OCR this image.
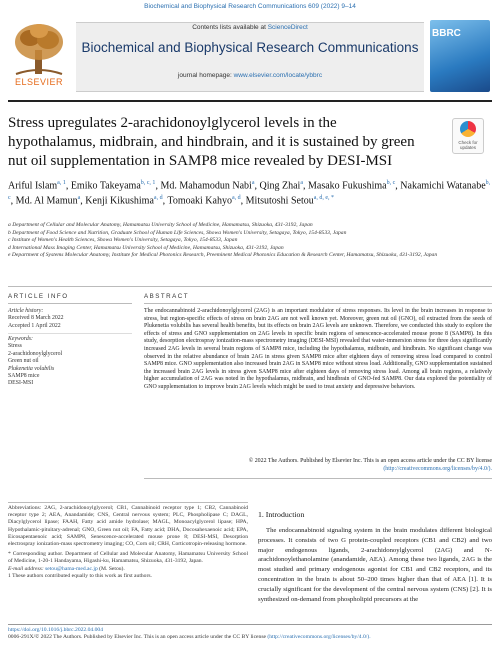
Biochemical and Biophysical Research Communications 609 (2022) 9–14
ELSEVIER
Contents lists available at ScienceDirect
Biochemical and Biophysical Research Communications
journal homepage: www.elsevier.com/locate/ybbrc
BBRC
Stress upregulates 2-arachidonoylglycerol levels in the hypothalamus, midbrain, and hindbrain, and it is sustained by green nut oil supplementation in SAMP8 mice revealed by DESI-MSI
Check for updates
Ariful Islam$^{a, 1}$, Emiko Takeyama$^{b, c, 1}$, Md. Mahamodun Nabi$^a$, Qing Zhai$^a$, Masako Fukushima$^{b, c}$, Nakamichi Watanabe$^{b, c}$, Md. Al Mamun$^a$, Kenji Kikushima$^{a, d}$, Tomoaki Kahyo$^{a, d}$, Mitsutoshi Setou$^{a, d, e, *}$
a Department of Cellular and Molecular Anatomy, Hamamatsu University School of Medicine, Hamamatsu, Shizuoka, 431-3192, Japan
b Department of Food Science and Nutrition, Graduate School of Human Life Sciences, Showa Women's University, Setagaya, Tokyo, 154-8533, Japan
c Institute of Women's Health Sciences, Showa Women's University, Setagaya, Tokyo, 154-8533, Japan
d International Mass Imaging Center, Hamamatsu University School of Medicine, Hamamatsu, Shizuoka, 431-3192, Japan
e Department of Systems Molecular Anatomy, Institute for Medical Photonics Research, Preeminent Medical Photonics Education & Research Center, Hamamatsu, Shizuoka, 431-3192, Japan
ARTICLE INFO	ABSTRACT
Article history:
Received 8 March 2022
Accepted 1 April 2022
Keywords:
Stress
2-arachidonoylglycerol
Green nut oil
Plukenetia volubilis
SAMP8 mice
DESI-MSI
The endocannabinoid 2-arachidonoylglycerol (2AG) is an important modulator of stress responses. Its level in the brain increases in response to stress, but region-specific effects of stress on brain 2AG are not well known yet. Moreover, green nut oil (GNO), oil extracted from the seeds of Plukenetia volubilis has several health benefits, but its effects on brain 2AG levels are unknown. Therefore, we conducted this study to explore the effects of stress and GNO supplementation on 2AG levels in specific brain regions of senescence-accelerated mouse prone 8 (SAMP8). In this study, desorption electrospray ionization-mass spectrometry imaging (DESI-MSI) revealed that water-immersion stress for three days significantly increased 2AG levels in several brain regions of SAMP8 mice, including the hypothalamus, midbrain, and hindbrain. No significant change was observed in the relative abundance of brain 2AG in stress given SAMP8 mice after eighteen days of removing stress load compared to control SAMP8 mice. GNO supplementation also increased brain 2AG in SAMP8 mice without stress load. Additionally, GNO supplementation sustained the increased brain 2AG levels in stress given SAMP8 mice after eighteen days of removing stress load. Among all brain regions, a relatively higher accumulation of 2AG was noted in the hypothalamus, midbrain, and hindbrain of GNO-fed SAMP8. Our data explored the potentiality of GNO supplementation to improve brain 2AG levels which might be used to treat anxiety and depressive behaviors.
© 2022 The Authors. Published by Elsevier Inc. This is an open access article under the CC BY license (http://creativecommons.org/licenses/by/4.0/).
Abbreviations: 2AG, 2-arachidonoylglycerol; CB1, Cannabinoid receptor type 1; CB2, Cannabinoid receptor type 2; AEA, Anandamide; CNS, Central nervous system; PLC, Phospholipase C; DAGL, Diacylglycerol lipase; FAAH, Fatty acid amide hydrolase; MAGL, Monoacylglycerol lipase; HPA, Hypothalamic-pituitary-adrenal; GNO, Green nut oil; FA, Fatty acid; DHA, Docosahexaenoic acid; EPA, Eicosapentaenoic acid; SAMP8, Senescence-accelerated mouse prone 8; DESI-MSI, Desorption electrospray ionization-mass spectrometry imaging; CO, Corn oil; CRH, Corticotropin-releasing hormone.
* Corresponding author. Department of Cellular and Molecular Anatomy, Hamamatsu University School of Medicine, 1-20-1 Handayama, Higashi-ku, Hamamatsu, Shizuoka, 431-3192, Japan.
E-mail address: setou@hama-med.ac.jp (M. Setou).
1 These authors contributed equally to this work as first authors.
1. Introduction
The endocannabinoid signaling system in the brain modulates different biological processes. It consists of two G protein-coupled receptors (CB1 and CB2) and two major endogenous ligands, 2-arachidonoylglycerol (2AG) and N-arachidonoylethanolamine (anandamide, AEA). Among these two ligands, 2AG is the most studied and primary endogenous agonist for CB1 and CB2 receptors, and its concentration in the brain is about 50–200 times higher than that of AEA [1]. It is crucially significant for the development of the central nervous system (CNS) [2]. It is synthesized on-demand from phospholipid precursors at the
https://doi.org/10.1016/j.bbrc.2022.04.004
0006-291X/© 2022 The Authors. Published by Elsevier Inc. This is an open access article under the CC BY license (http://creativecommons.org/licenses/by/4.0/).
